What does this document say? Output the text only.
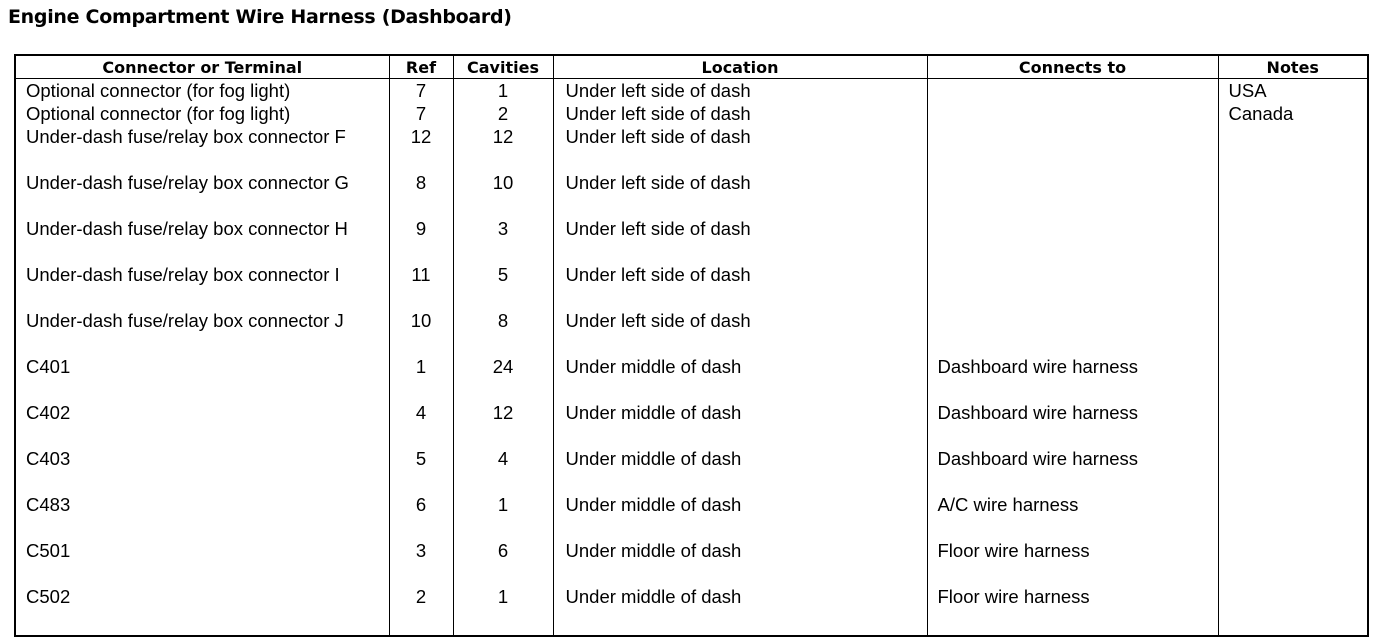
Engine Compartment Wire Harness (Dashboard)
Connector or Terminal	Ref	Cavities	Location	Connects to	Notes
Optional connector (for fog light)	7	1	Under left side of dash		USA
Optional connector (for fog light)	7	2	Under left side of dash		Canada
Under-dash fuse/relay box connector F	12	12	Under left side of dash		
Under-dash fuse/relay box connector G	8	10	Under left side of dash		
Under-dash fuse/relay box connector H	9	3	Under left side of dash		
Under-dash fuse/relay box connector I	11	5	Under left side of dash		
Under-dash fuse/relay box connector J	10	8	Under left side of dash		
C401	1	24	Under middle of dash	Dashboard wire harness	
C402	4	12	Under middle of dash	Dashboard wire harness	
C403	5	4	Under middle of dash	Dashboard wire harness	
C483	6	1	Under middle of dash	A/C wire harness	
C501	3	6	Under middle of dash	Floor wire harness	
C502	2	1	Under middle of dash	Floor wire harness	
